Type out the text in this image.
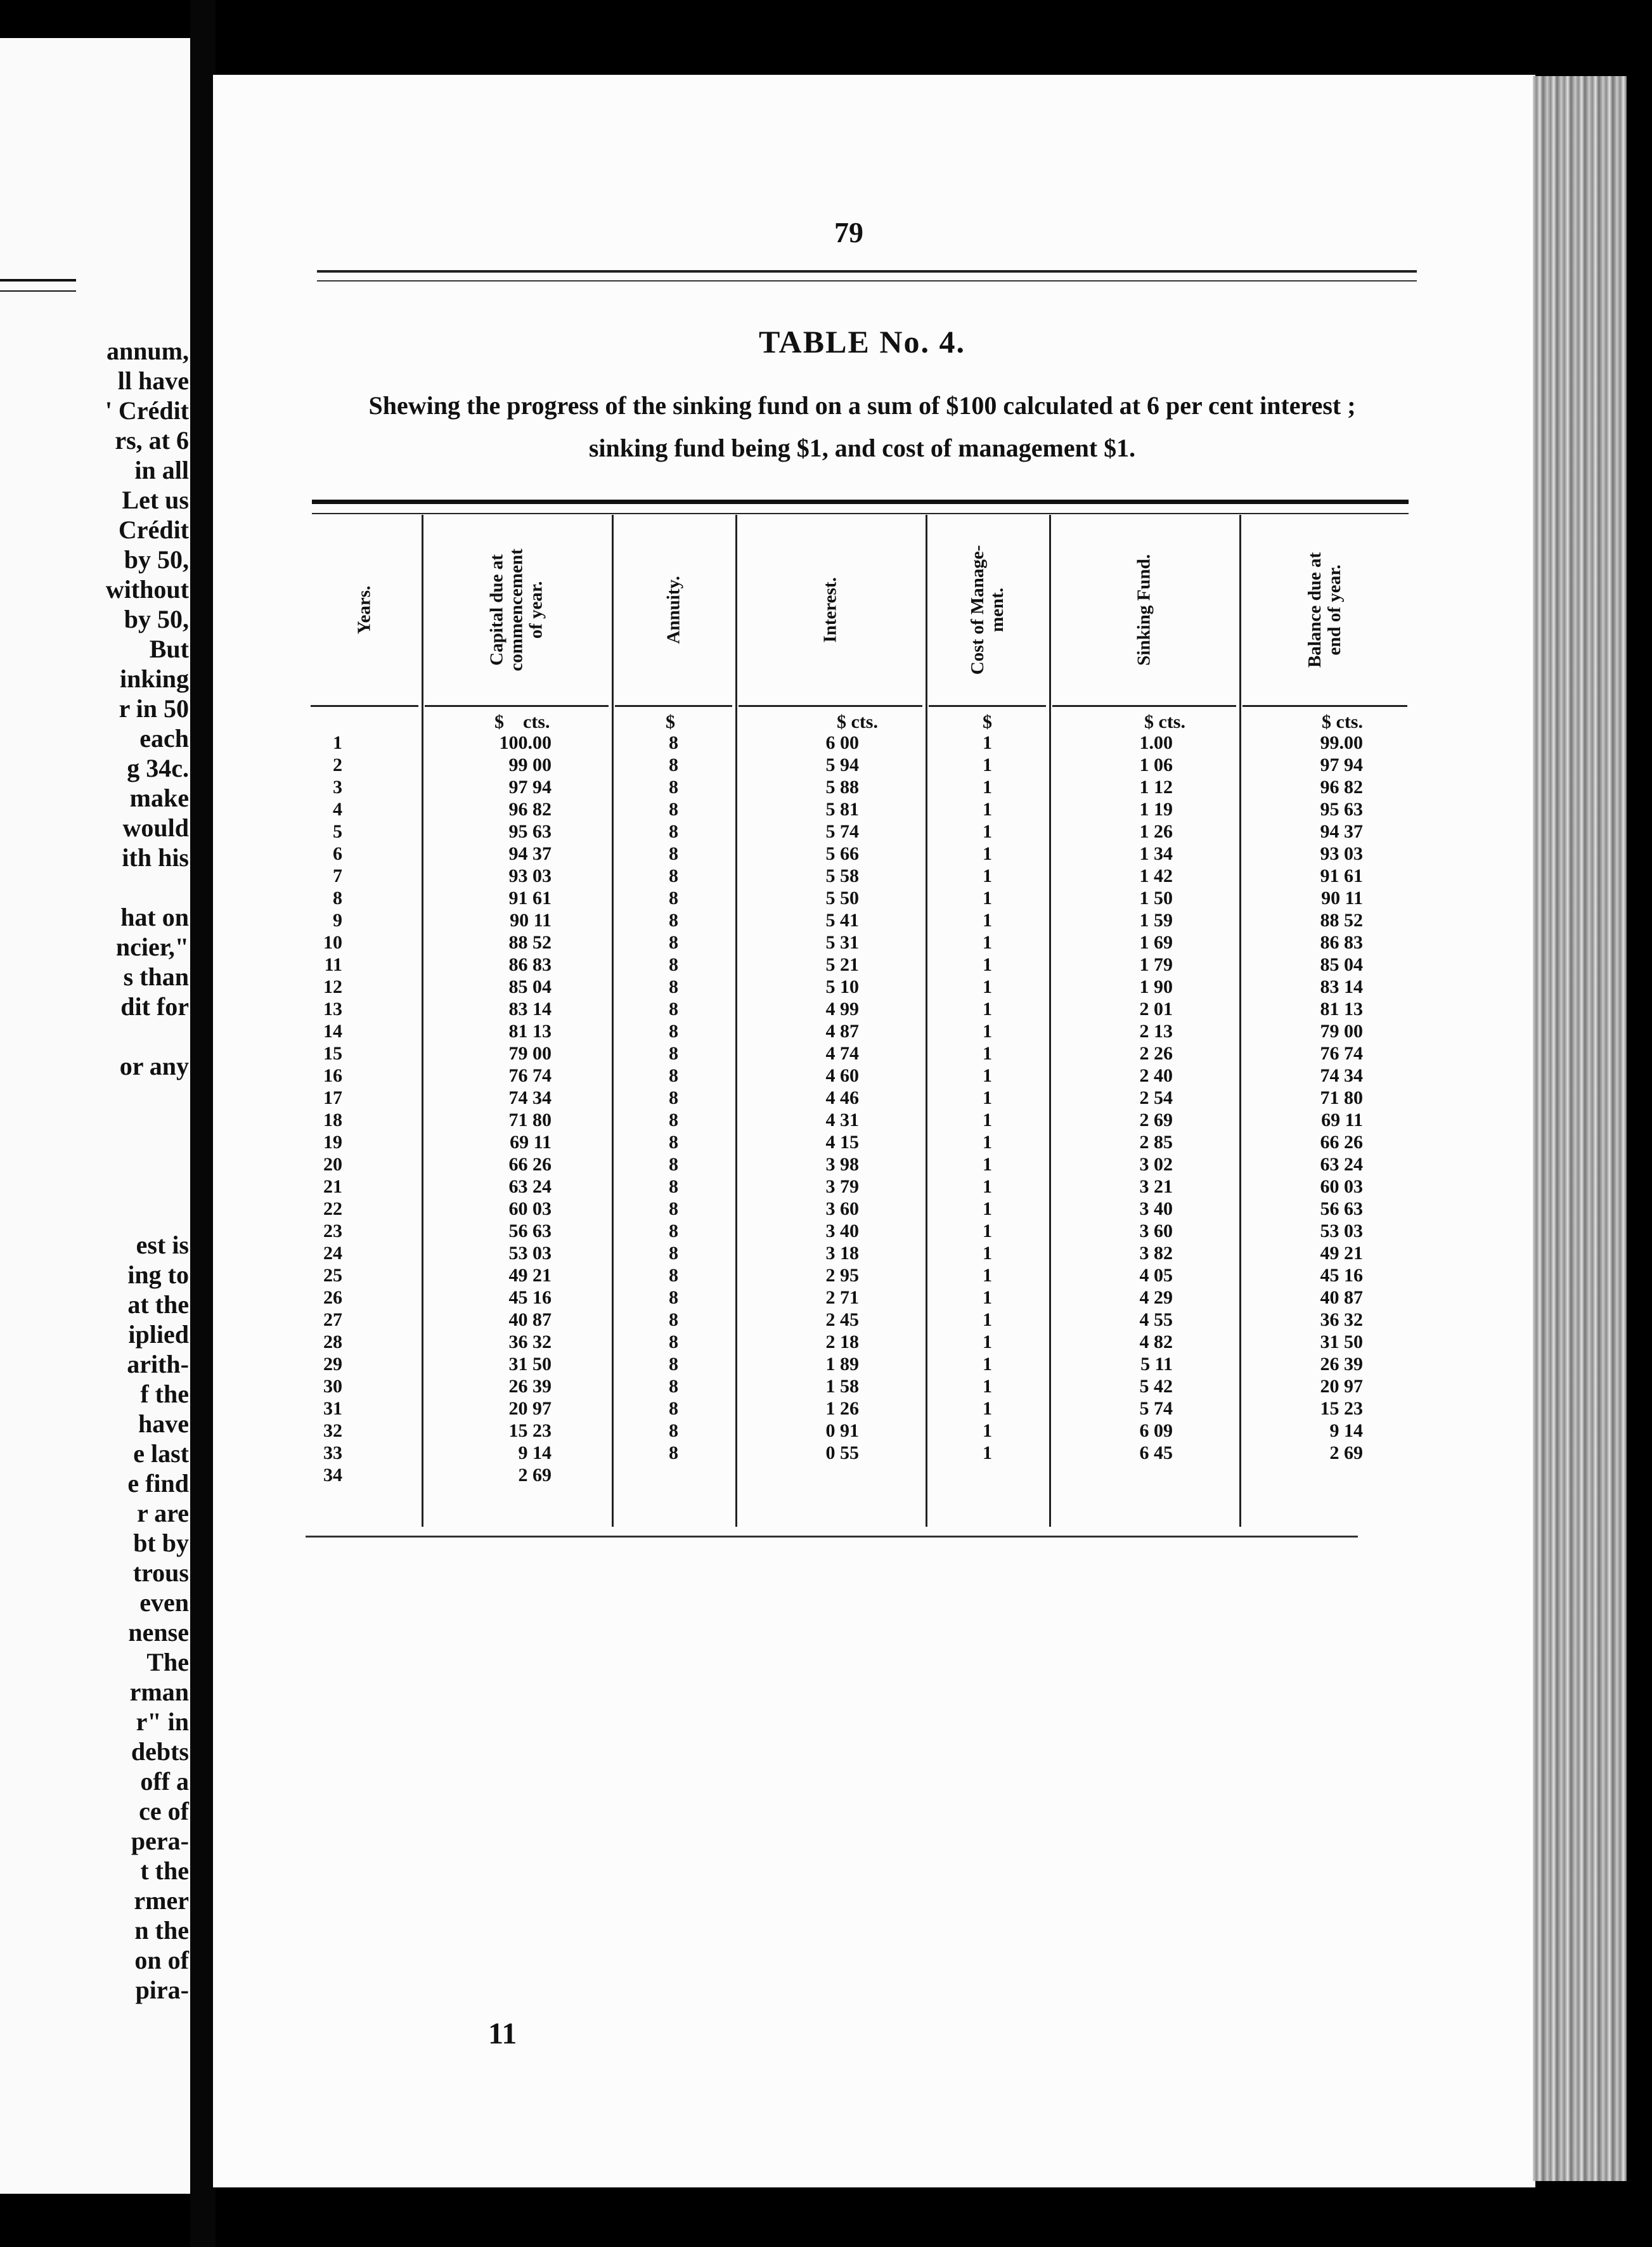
annum,
ll have
' Crédit
rs, at 6
in all
Let us
Crédit
by 50,
without
by 50,
But
inking
r in 50
each
g 34c.
make
would
ith his

hat on
ncier,"
s than
dit for

or any

est is
ing to
at the
iplied
arith-
f the
have
e last
e find
r are
bt by
trous
even
nense
The
rman
r" in
debts
off a
ce of
pera-
t the
rmer
n the
on of
pira-
79
TABLE No. 4.
Shewing the progress of the sinking fund on a sum of $100 calculated at 6 per cent interest ;
sinking fund being $1, and cost of management $1.
Years.
1
2
3
4
5
6
7
8
9
10
11
12
13
14
15
16
17
18
19
20
21
22
23
24
25
26
27
28
29
30
31
32
33
34
Capital due at
commencement
of year.
$    cts.
100.00
99 00
97 94
96 82
95 63
94 37
93 03
91 61
90 11
88 52
86 83
85 04
83 14
81 13
79 00
76 74
74 34
71 80
69 11
66 26
63 24
60 03
56 63
53 03
49 21
45 16
40 87
36 32
31 50
26 39
20 97
15 23
9 14
2 69
Annuity.
$
8
8
8
8
8
8
8
8
8
8
8
8
8
8
8
8
8
8
8
8
8
8
8
8
8
8
8
8
8
8
8
8
8

Interest.
$ cts.
6 00
5 94
5 88
5 81
5 74
5 66
5 58
5 50
5 41
5 31
5 21
5 10
4 99
4 87
4 74
4 60
4 46
4 31
4 15
3 98
3 79
3 60
3 40
3 18
2 95
2 71
2 45
2 18
1 89
1 58
1 26
0 91
0 55

Cost of Manage-
ment.
$
1
1
1
1
1
1
1
1
1
1
1
1
1
1
1
1
1
1
1
1
1
1
1
1
1
1
1
1
1
1
1
1
1

Sinking Fund.
$ cts.
1.00
1 06
1 12
1 19
1 26
1 34
1 42
1 50
1 59
1 69
1 79
1 90
2 01
2 13
2 26
2 40
2 54
2 69
2 85
3 02
3 21
3 40
3 60
3 82
4 05
4 29
4 55
4 82
5 11
5 42
5 74
6 09
6 45

Balance due at
end of year.
$ cts.
99.00
97 94
96 82
95 63
94 37
93 03
91 61
90 11
88 52
86 83
85 04
83 14
81 13
79 00
76 74
74 34
71 80
69 11
66 26
63 24
60 03
56 63
53 03
49 21
45 16
40 87
36 32
31 50
26 39
20 97
15 23
9 14
2 69

11
